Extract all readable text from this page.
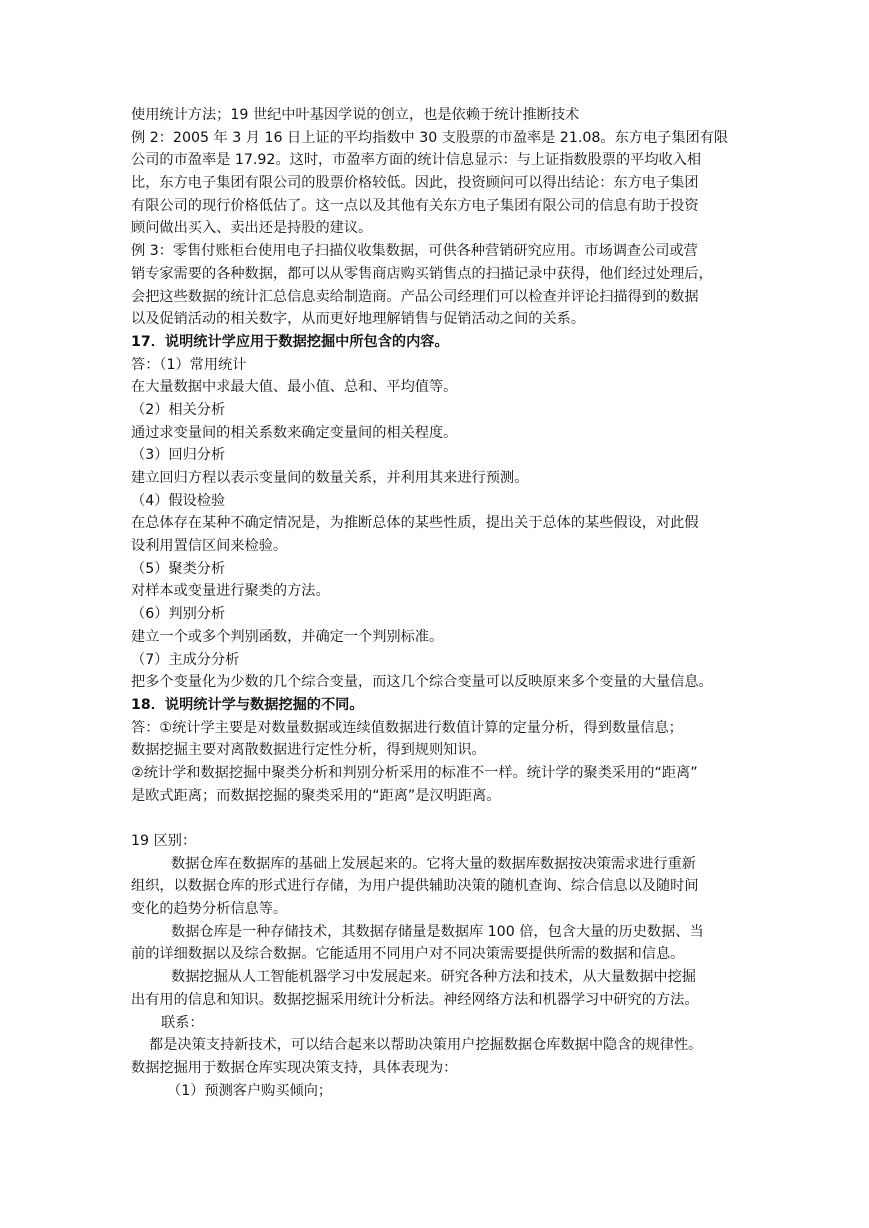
使用统计方法；19 世纪中叶基因学说的创立，也是依赖于统计推断技术
例 2：2005 年 3 月 16 日上证的平均指数中 30 支股票的市盈率是 21.08。东方电子集团有限
公司的市盈率是 17.92。这时，市盈率方面的统计信息显示：与上证指数股票的平均收入相
比，东方电子集团有限公司的股票价格较低。因此，投资顾问可以得出结论：东方电子集团
有限公司的现行价格低估了。这一点以及其他有关东方电子集团有限公司的信息有助于投资
顾问做出买入、卖出还是持股的建议。
例 3：零售付账柜台使用电子扫描仪收集数据，可供各种营销研究应用。市场调查公司或营
销专家需要的各种数据，都可以从零售商店购买销售点的扫描记录中获得，他们经过处理后，
会把这些数据的统计汇总信息卖给制造商。产品公司经理们可以检查并评论扫描得到的数据
以及促销活动的相关数字，从而更好地理解销售与促销活动之间的关系。
17．说明统计学应用于数据挖掘中所包含的内容。
答：（1）常用统计
在大量数据中求最大值、最小值、总和、平均值等。
（2）相关分析
通过求变量间的相关系数来确定变量间的相关程度。
（3）回归分析
建立回归方程以表示变量间的数量关系，并利用其来进行预测。
（4）假设检验
在总体存在某种不确定情况是，为推断总体的某些性质，提出关于总体的某些假设，对此假
设利用置信区间来检验。
（5）聚类分析
对样本或变量进行聚类的方法。
（6）判别分析
建立一个或多个判别函数，并确定一个判别标准。
（7）主成分分析
把多个变量化为少数的几个综合变量，而这几个综合变量可以反映原来多个变量的大量信息。
18．说明统计学与数据挖掘的不同。
答：①统计学主要是对数量数据或连续值数据进行数值计算的定量分析，得到数量信息；
数据挖掘主要对离散数据进行定性分析，得到规则知识。
②统计学和数据挖掘中聚类分析和判别分析采用的标准不一样。统计学的聚类采用的“距离”
是欧式距离；而数据挖掘的聚类采用的“距离”是汉明距离。
19 区别：
数据仓库在数据库的基础上发展起来的。它将大量的数据库数据按决策需求进行重新
组织，以数据仓库的形式进行存储，为用户提供辅助决策的随机查询、综合信息以及随时间
变化的趋势分析信息等。
数据仓库是一种存储技术，其数据存储量是数据库 100 倍，包含大量的历史数据、当
前的详细数据以及综合数据。它能适用不同用户对不同决策需要提供所需的数据和信息。
数据挖掘从人工智能机器学习中发展起来。研究各种方法和技术，从大量数据中挖掘
出有用的信息和知识。数据挖掘采用统计分析法。神经网络方法和机器学习中研究的方法。
联系：
都是决策支持新技术，可以结合起来以帮助决策用户挖掘数据仓库数据中隐含的规律性。
数据挖掘用于数据仓库实现决策支持，具体表现为：
（1）预测客户购买倾向；
